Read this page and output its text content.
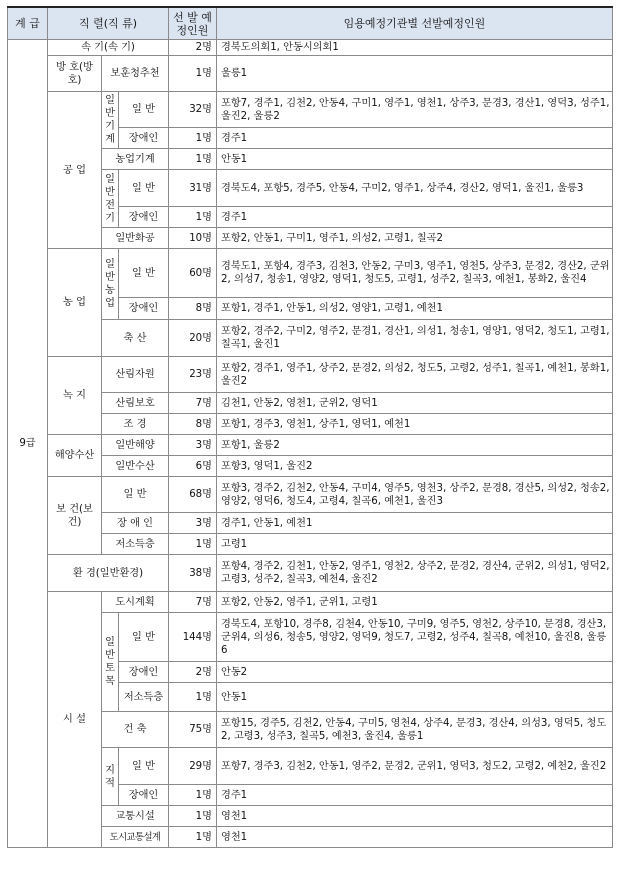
계 급	직 렬(직 류)			선 발 예정인원	임용예정기관별 선발예정인원
9급	속 기(속 기)			2명	경북도의회1, 안동시의회1
	방 호(방 호)	보훈청추천		1명	울릉1
	공 업	일반기계	일 반	32명	포항7, 경주1, 김천2, 안동4, 구미1, 영주1, 영천1, 상주3, 문경3, 경산1, 영덕3, 성주1, 울진2, 울릉2
			장애인	1명	경주1
		농업기계		1명	안동1
		일반전기	일 반	31명	경북도4, 포항5, 경주5, 안동4, 구미2, 영주1, 상주4, 경산2, 영덕1, 울진1, 울릉3
			장애인	1명	경주1
		일반화공		10명	포항2, 안동1, 구미1, 영주1, 의성2, 고령1, 칠곡2
	농 업	일반농업	일 반	60명	경북도1, 포항4, 경주3, 김천3, 안동2, 구미3, 영주1, 영천5, 상주3, 문경2, 경산2, 군위2, 의성7, 청송1, 영양2, 영덕1, 청도5, 고령1, 성주2, 칠곡3, 예천1, 봉화2, 울진4
			장애인	8명	포항1, 경주1, 안동1, 의성2, 영양1, 고령1, 예천1
		축 산		20명	포항2, 경주2, 구미2, 영주2, 문경1, 경산1, 의성1, 청송1, 영양1, 영덕2, 청도1, 고령1, 칠곡1, 울진1
	녹 지	산림자원		23명	포항2, 경주1, 영주1, 상주2, 문경2, 의성2, 청도5, 고령2, 성주1, 칠곡1, 예천1, 봉화1, 울진2
		산림보호		7명	김천1, 안동2, 영천1, 군위2, 영덕1
		조 경		8명	포항1, 경주3, 영천1, 상주1, 영덕1, 예천1
	해양수산	일반해양		3명	포항1, 울릉2
		일반수산		6명	포항3, 영덕1, 울진2
	보 건(보 건)	일 반		68명	포항3, 경주2, 김천2, 안동4, 구미4, 영주5, 영천3, 상주2, 문경8, 경산5, 의성2, 청송2, 영양2, 영덕6, 청도4, 고령4, 칠곡6, 예천1, 울진3
		장 애 인		3명	경주1, 안동1, 예천1
		저소득층		1명	고령1
	환 경(일반환경)			38명	포항4, 경주2, 김천1, 안동2, 영주1, 영천2, 상주2, 문경2, 경산4, 군위2, 의성1, 영덕2, 고령3, 성주2, 칠곡3, 예천4, 울진2
	시 설	도시계획		7명	포항2, 안동2, 영주1, 군위1, 고령1
		일반토목	일 반	144명	경북도4, 포항10, 경주8, 김천4, 안동10, 구미9, 영주5, 영천2, 상주10, 문경8, 경산3, 군위4, 의성6, 청송5, 영양2, 영덕9, 청도7, 고령2, 성주4, 칠곡8, 예천10, 울진8, 울릉6
			장애인	2명	안동2
			저소득층	1명	안동1
		건 축		75명	포항15, 경주5, 김천2, 안동4, 구미5, 영천4, 상주4, 문경3, 경산4, 의성3, 영덕5, 청도2, 고령3, 성주3, 칠곡5, 예천3, 울진4, 울릉1
		지적	일 반	29명	포항7, 경주3, 김천2, 안동1, 영주2, 문경2, 군위1, 영덕3, 청도2, 고령2, 예천2, 울진2
			장애인	1명	경주1
		교통시설		1명	영천1
		도시교통설계		1명	영천1
